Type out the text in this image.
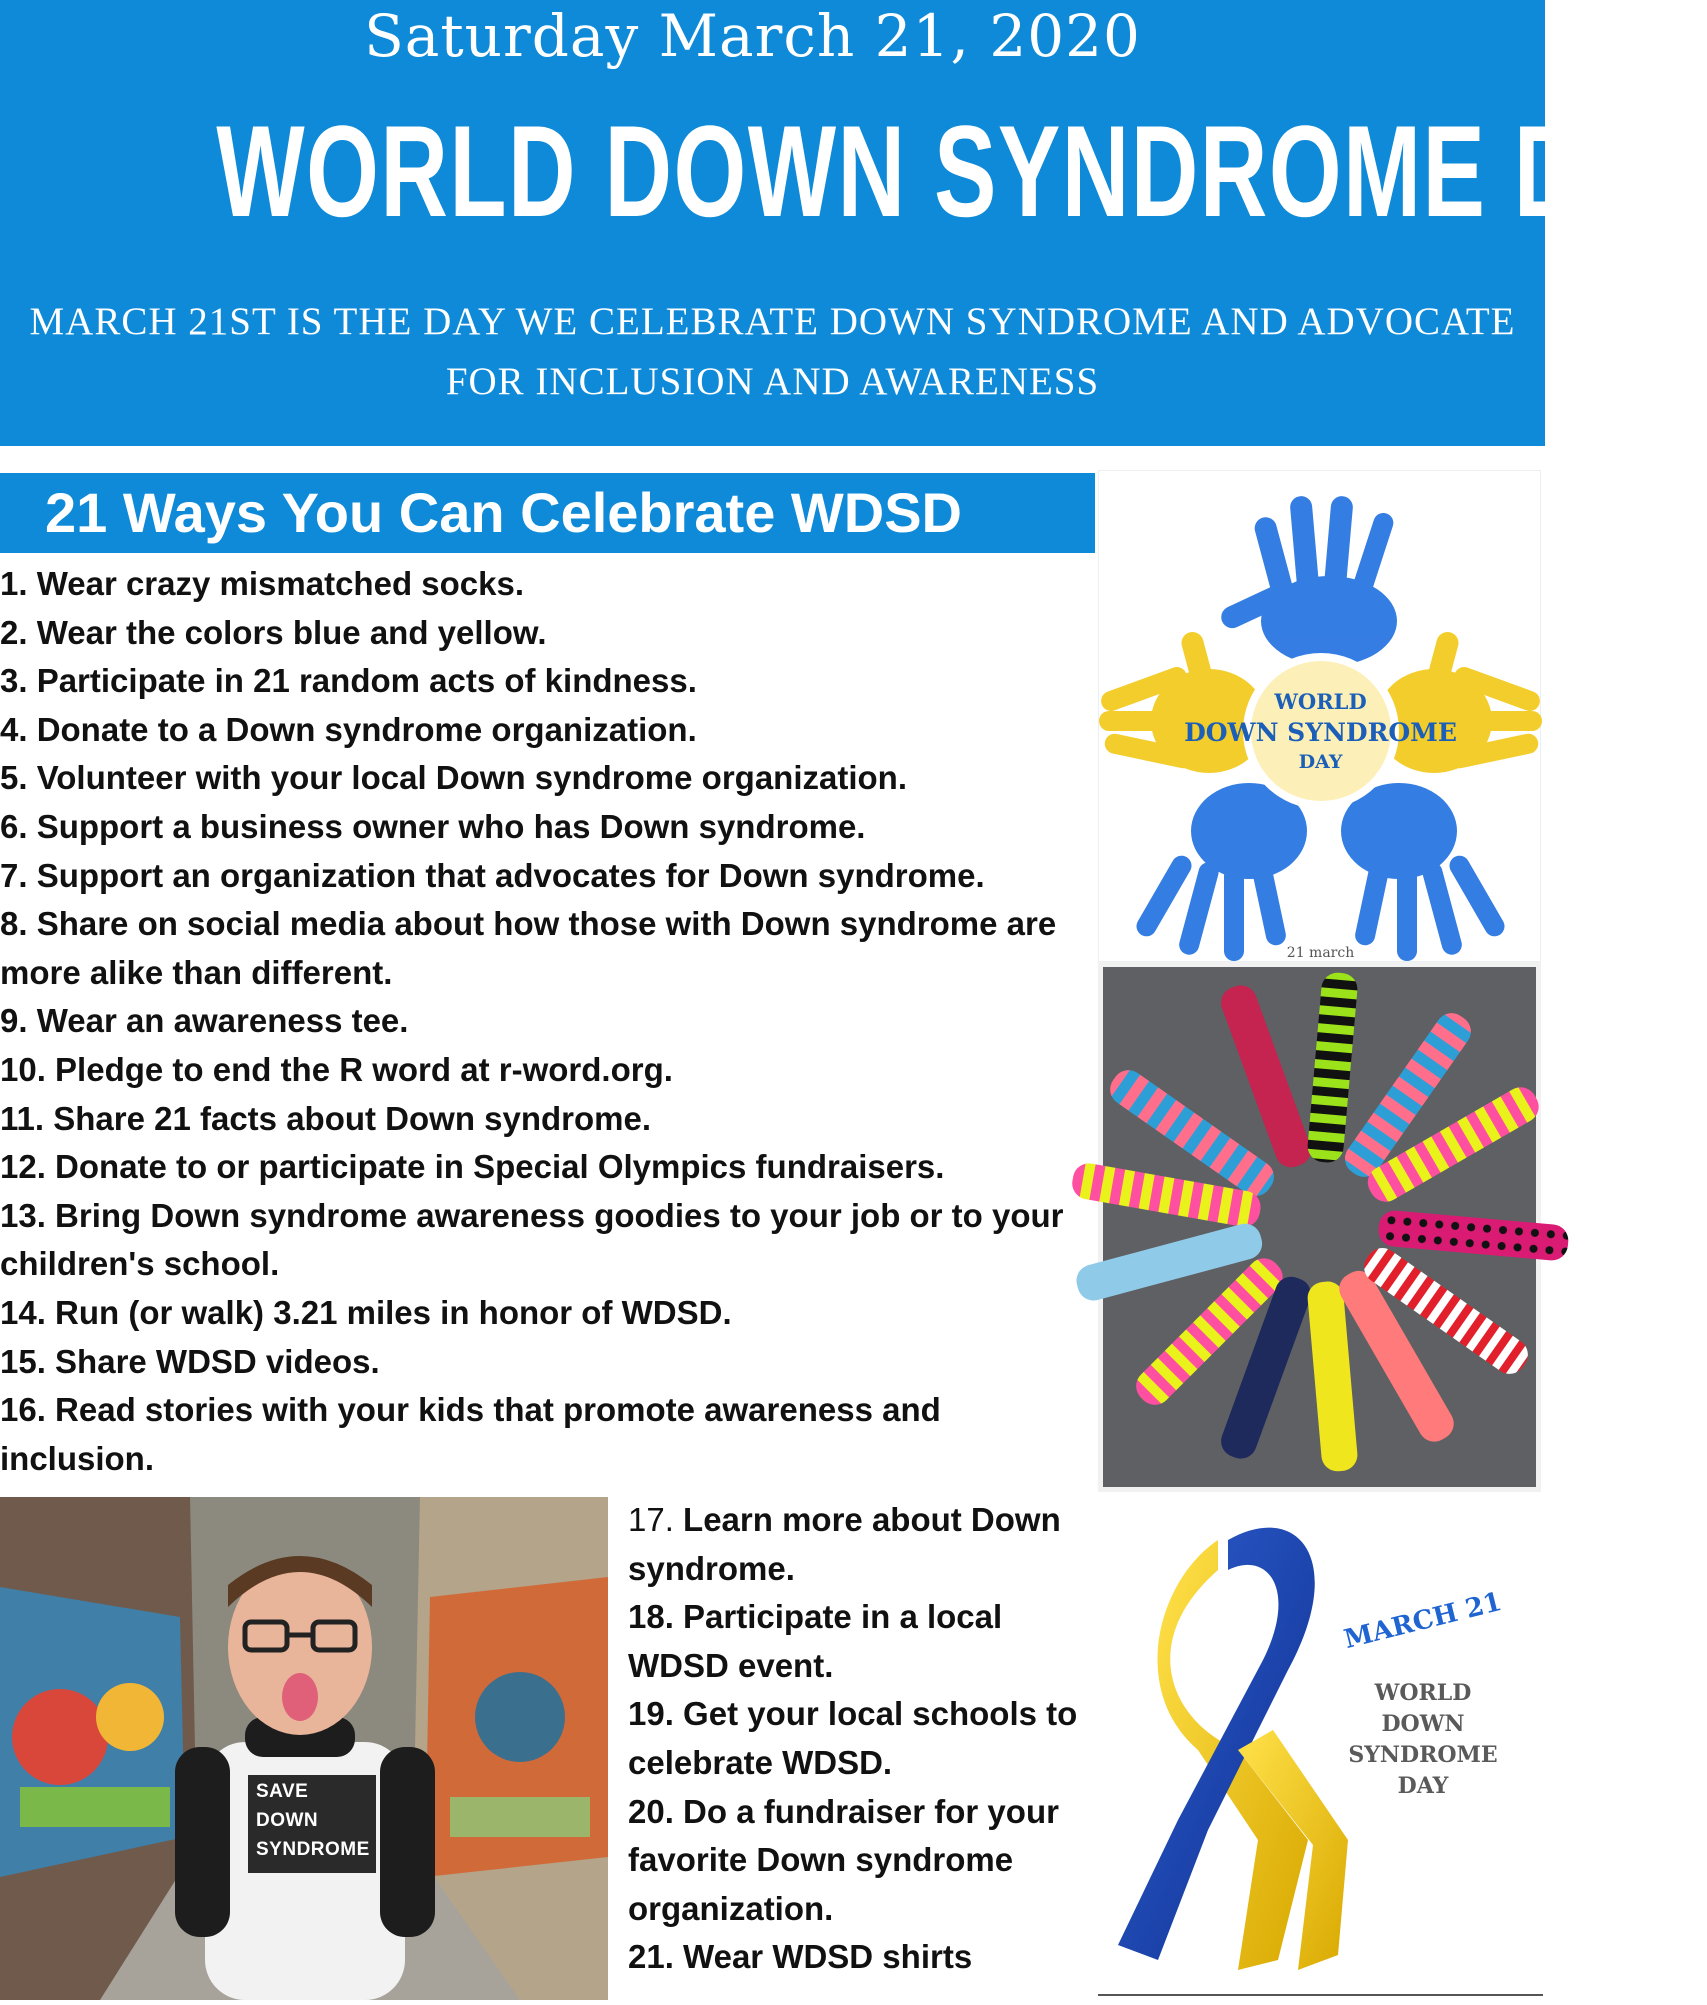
Saturday March 21, 2020
WORLD DOWN SYNDROME DAY
MARCH 21ST IS THE DAY WE CELEBRATE DOWN SYNDROME AND ADVOCATE FOR INCLUSION AND AWARENESS
21 Ways You Can Celebrate WDSD
1. Wear crazy mismatched socks.
2. Wear the colors blue and yellow.
3. Participate in 21 random acts of kindness.
4. Donate to a Down syndrome organization.
5. Volunteer with your local Down syndrome organization.
6. Support a business owner who has Down syndrome.
7. Support an organization that advocates for Down syndrome.
8. Share on social media about how those with Down syndrome are more alike than different.
9. Wear an awareness tee.
10. Pledge to end the R word at r-word.org.
11. Share 21 facts about Down syndrome.
12. Donate to or participate in Special Olympics fundraisers.
13. Bring Down syndrome awareness goodies to your job or to your children's school.
14. Run (or walk) 3.21 miles in honor of WDSD.
15. Share WDSD videos.
16. Read stories with your kids that promote awareness and inclusion.
17. Learn more about Down syndrome.
18. Participate in a local WDSD event.
19. Get your local schools to celebrate WDSD.
20. Do a fundraiser for your favorite Down syndrome organization.
21. Wear WDSD shirts
WORLD
DOWN SYNDROME
DAY
21 march
SAVE
DOWN
SYNDROME
MARCH 21
WORLD
DOWN
SYNDROME
DAY
